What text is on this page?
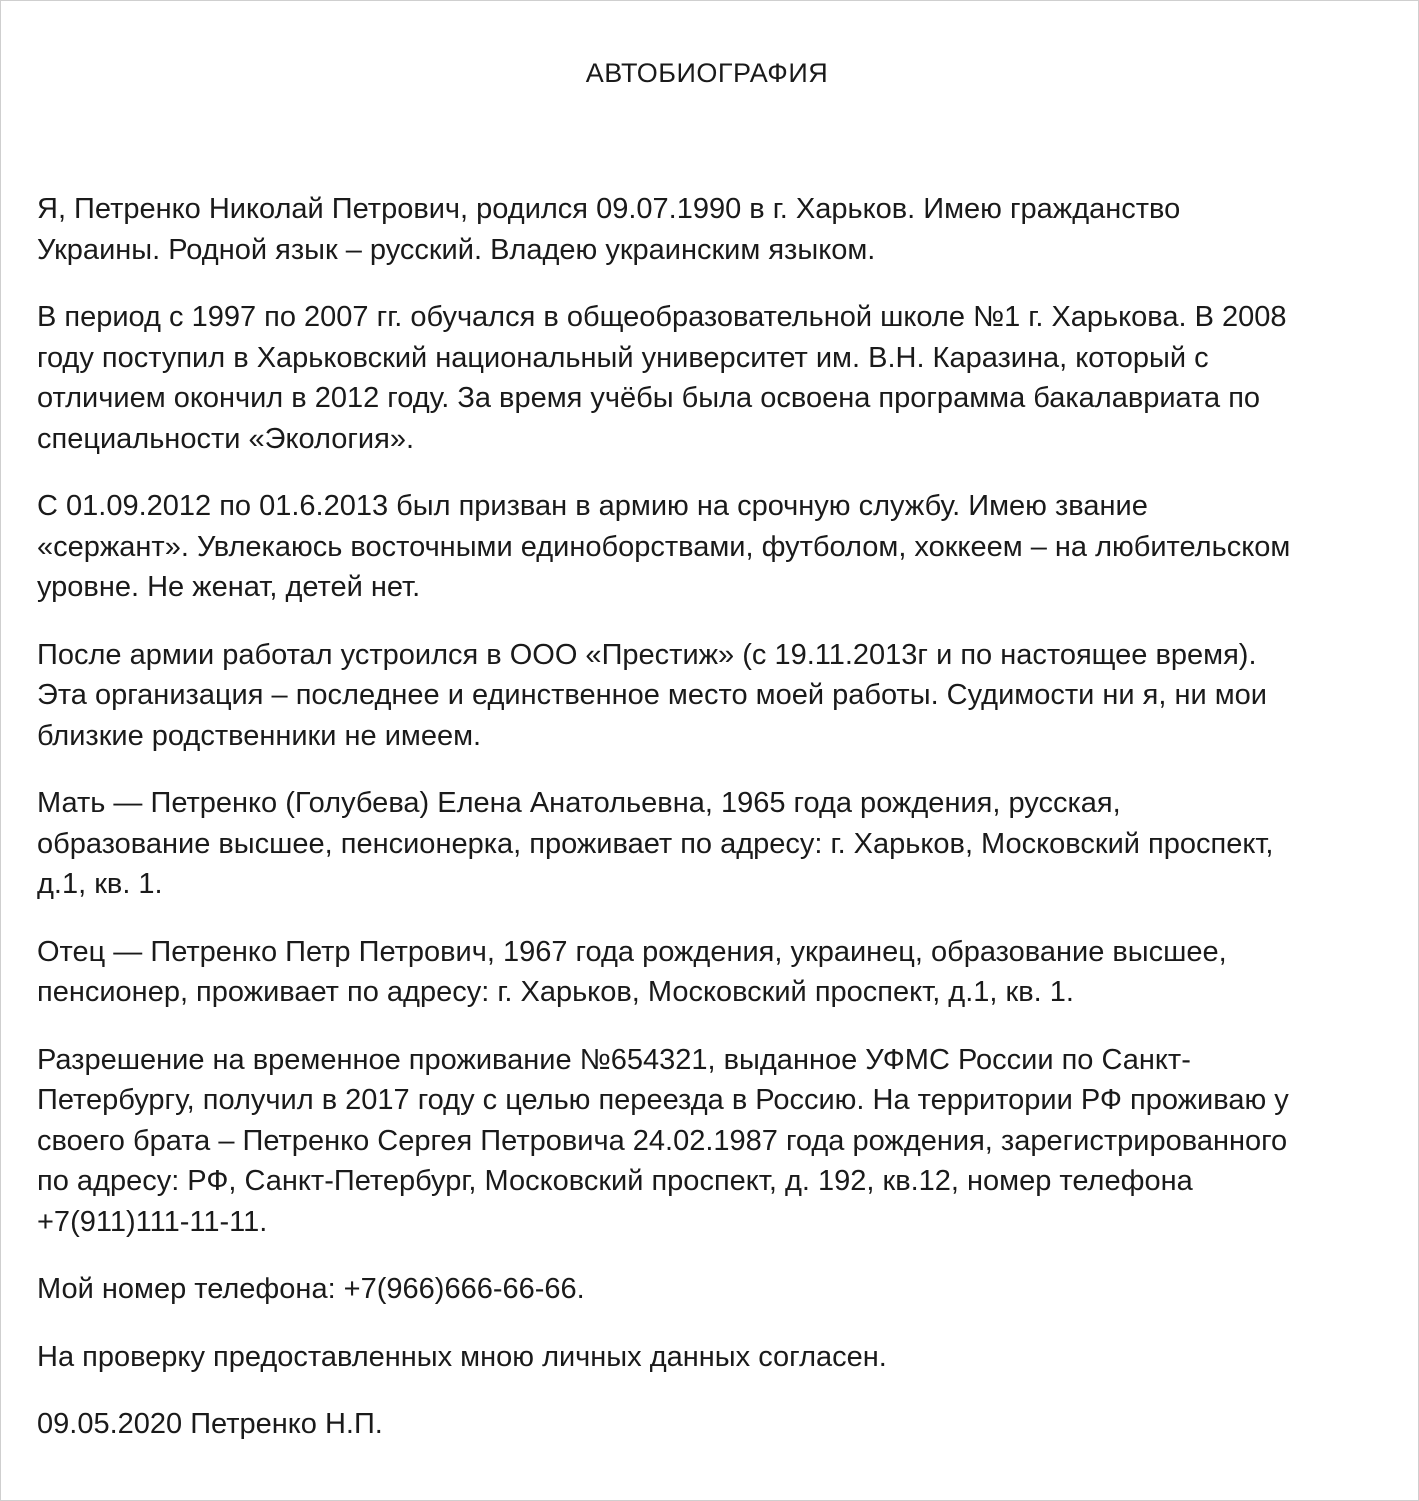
АВТОБИОГРАФИЯ

Я, Петренко Николай Петрович, родился 09.07.1990 в г. Харьков. Имею гражданство
Украины. Родной язык – русский. Владею украинским языком.

В период с 1997 по 2007 гг. обучался в общеобразовательной школе №1 г. Харькова. В 2008
году поступил в Харьковский национальный университет им. В.Н. Каразина, который с
отличием окончил в 2012 году. За время учёбы была освоена программа бакалавриата по
специальности «Экология».

С 01.09.2012 по 01.6.2013 был призван в армию на срочную службу. Имею звание
«сержант». Увлекаюсь восточными единоборствами, футболом, хоккеем – на любительском
уровне. Не женат, детей нет.

После армии работал устроился в ООО «Престиж» (с 19.11.2013г и по настоящее время).
Эта организация – последнее и единственное место моей работы. Судимости ни я, ни мои
близкие родственники не имеем.

Мать — Петренко (Голубева) Елена Анатольевна, 1965 года рождения, русская,
образование высшее, пенсионерка, проживает по адресу: г. Харьков, Московский проспект,
д.1, кв. 1.

Отец — Петренко Петр Петрович, 1967 года рождения, украинец, образование высшее,
пенсионер, проживает по адресу: г. Харьков, Московский проспект, д.1, кв. 1.

Разрешение на временное проживание №654321, выданное УФМС России по Санкт-
Петербургу, получил в 2017 году с целью переезда в Россию. На территории РФ проживаю у
своего брата – Петренко Сергея Петровича 24.02.1987 года рождения, зарегистрированного
по адресу: РФ, Санкт-Петербург, Московский проспект, д. 192, кв.12, номер телефона
+7(911)111-11-11.

Мой номер телефона: +7(966)666-66-66.

На проверку предоставленных мною личных данных согласен.

09.05.2020 Петренко Н.П.
